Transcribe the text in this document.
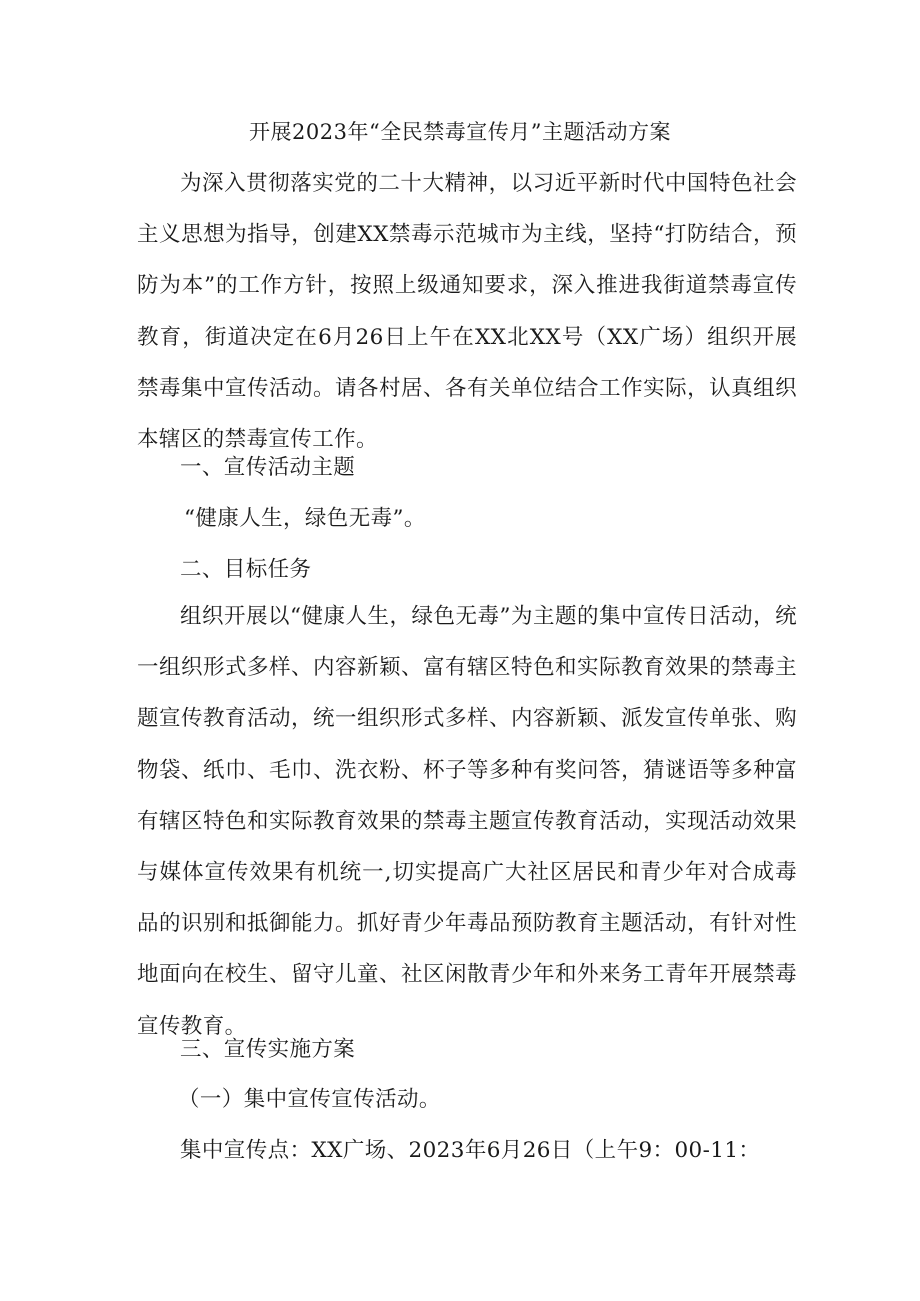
开展2023年“全民禁毒宣传月”主题活动方案

为深入贯彻落实党的二十大精神，以习近平新时代中国特色社会主义思想为指导，创建XX禁毒示范城市为主线，坚持“打防结合，预防为本”的工作方针，按照上级通知要求，深入推进我街道禁毒宣传教育，街道决定在6月26日上午在XX北XX号（XX广场）组织开展禁毒集中宣传活动。请各村居、各有关单位结合工作实际，认真组织本辖区的禁毒宣传工作。

一、宣传活动主题

“健康人生，绿色无毒”。

二、目标任务

组织开展以“健康人生，绿色无毒”为主题的集中宣传日活动，统一组织形式多样、内容新颖、富有辖区特色和实际教育效果的禁毒主题宣传教育活动，统一组织形式多样、内容新颖、派发宣传单张、购物袋、纸巾、毛巾、洗衣粉、杯子等多种有奖问答，猜谜语等多种富有辖区特色和实际教育效果的禁毒主题宣传教育活动，实现活动效果与媒体宣传效果有机统一,切实提高广大社区居民和青少年对合成毒品的识别和抵御能力。抓好青少年毒品预防教育主题活动，有针对性地面向在校生、留守儿童、社区闲散青少年和外来务工青年开展禁毒宣传教育。

三、宣传实施方案

（一）集中宣传宣传活动。

集中宣传点：XX广场、2023年6月26日（上午9：00-11：
